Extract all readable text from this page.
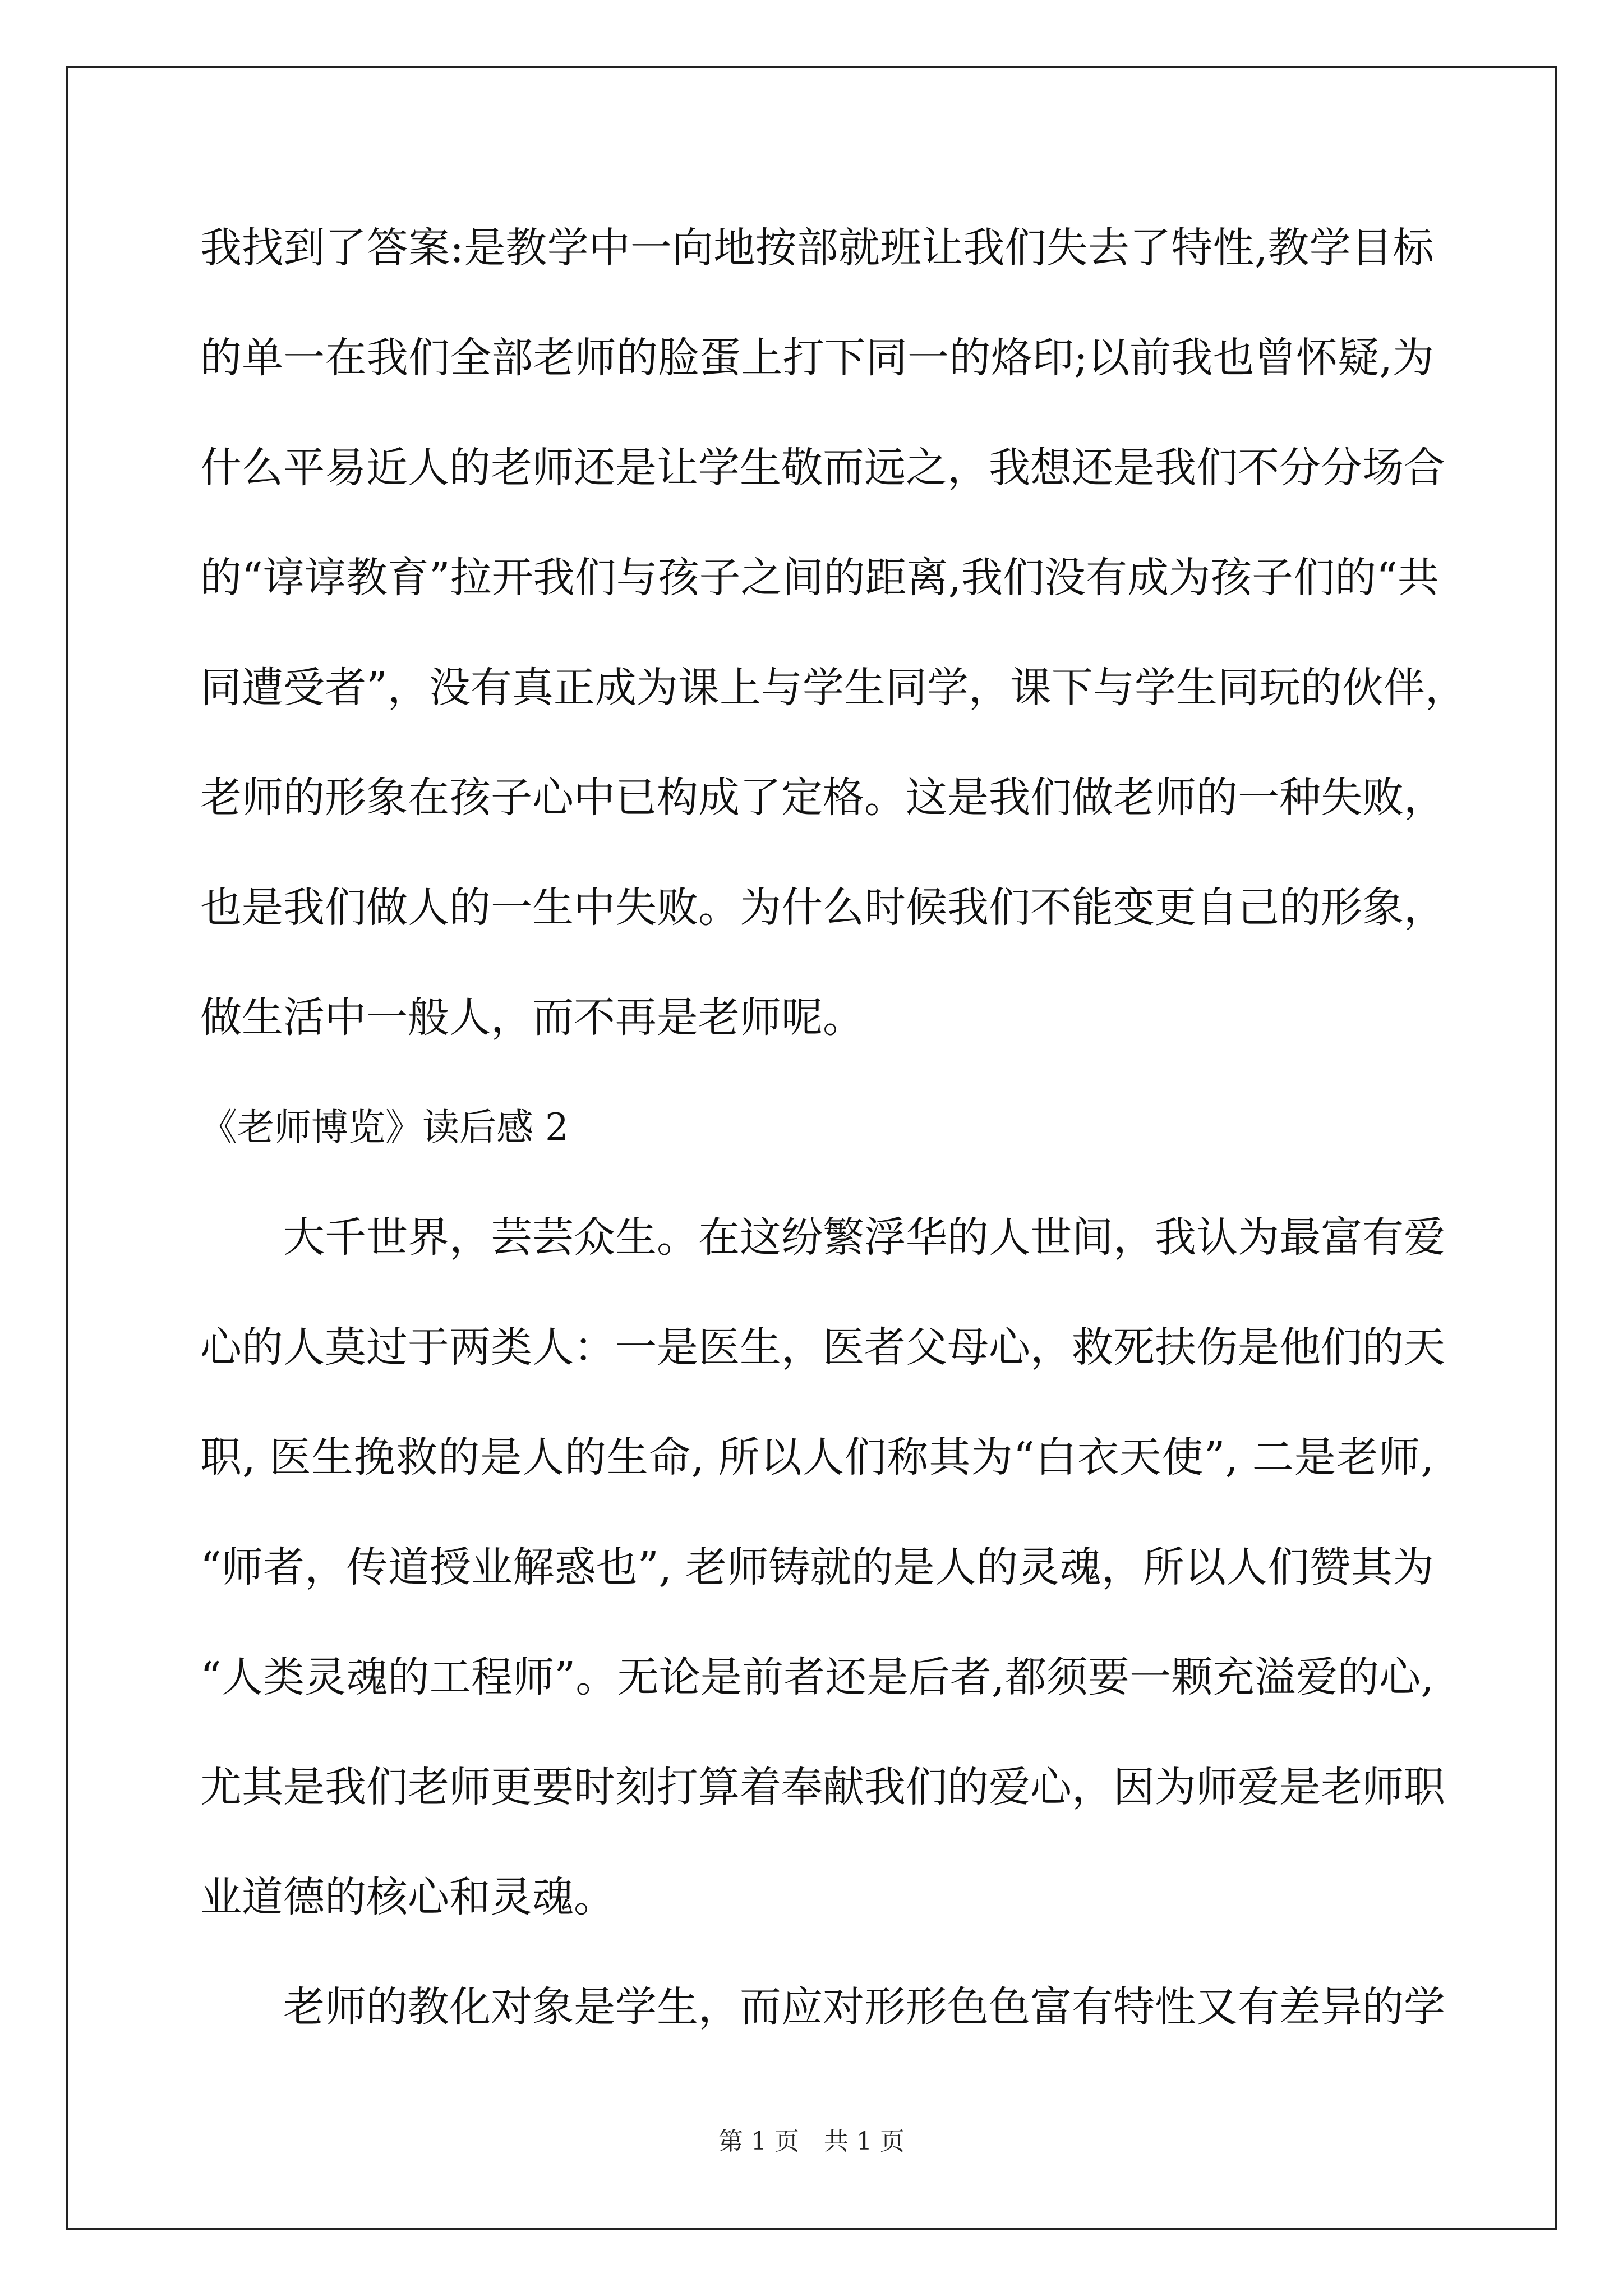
我找到了答案:是教学中一向地按部就班让我们失去了特性,教学目标
的单一在我们全部老师的脸蛋上打下同一的烙印;以前我也曾怀疑,为
什么平易近人的老师还是让学生敬而远之，我想还是我们不分分场合
的“谆谆教育”拉开我们与孩子之间的距离,我们没有成为孩子们的“共
同遭受者”，没有真正成为课上与学生同学，课下与学生同玩的伙伴，
老师的形象在孩子心中已构成了定格。这是我们做老师的一种失败，
也是我们做人的一生中失败。为什么时候我们不能变更自己的形象，
做生活中一般人，而不再是老师呢。
《老师博览》读后感 2
大千世界，芸芸众生。在这纷繁浮华的人世间，我认为最富有爱
心的人莫过于两类人：一是医生，医者父母心，救死扶伤是他们的天
职, 医生挽救的是人的生命, 所以人们称其为“白衣天使”, 二是老师,
“师者，传道授业解惑也”, 老师铸就的是人的灵魂，所以人们赞其为
“人类灵魂的工程师”。无论是前者还是后者,都须要一颗充溢爱的心,
尤其是我们老师更要时刻打算着奉献我们的爱心，因为师爱是老师职
业道德的核心和灵魂。
老师的教化对象是学生，而应对形形色色富有特性又有差异的学
第 1 页　共 1 页
